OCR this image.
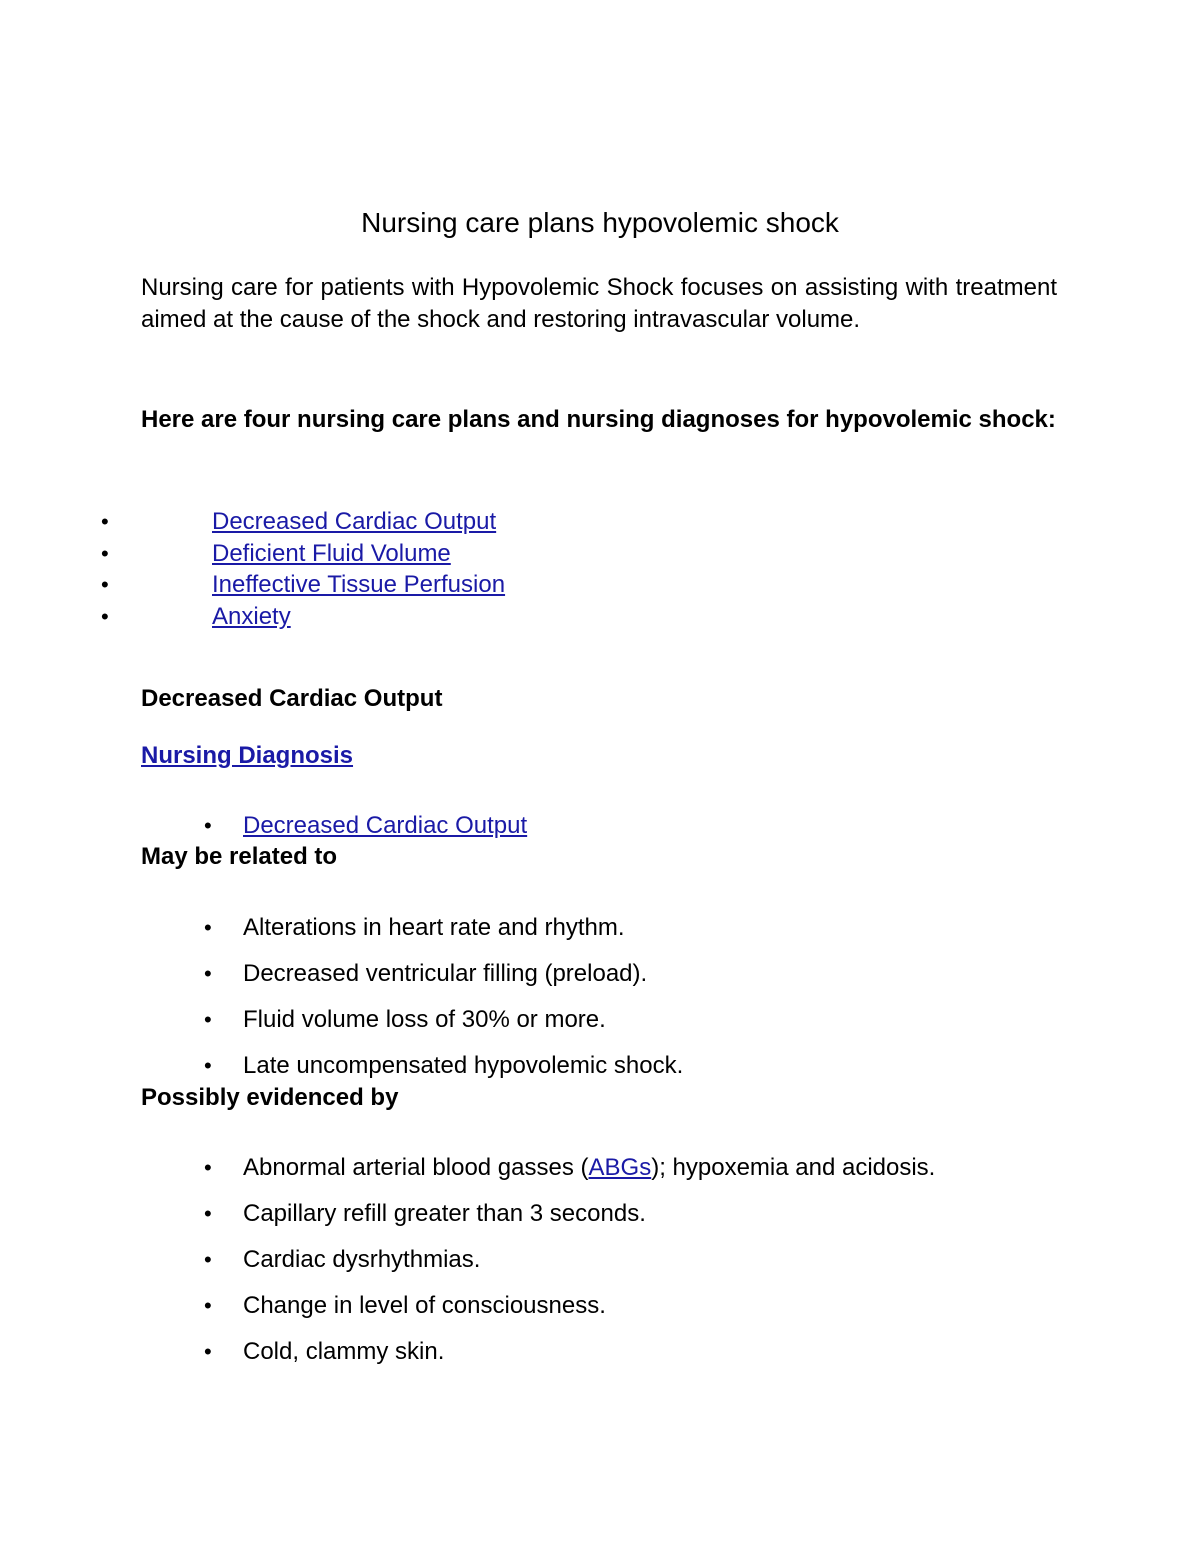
Nursing care plans hypovolemic shock

Nursing care for patients with Hypovolemic Shock focuses on assisting with treatment aimed at the cause of the shock and restoring intravascular volume.

Here are four nursing care plans and nursing diagnoses for hypovolemic shock:

•	Decreased Cardiac Output
•	Deficient Fluid Volume
•	Ineffective Tissue Perfusion
•	Anxiety
Decreased Cardiac Output
Nursing Diagnosis
• Decreased Cardiac Output
May be related to
• Alterations in heart rate and rhythm.
• Decreased ventricular filling (preload).
• Fluid volume loss of 30% or more.
• Late uncompensated hypovolemic shock.
Possibly evidenced by
• Abnormal arterial blood gasses (ABGs); hypoxemia and acidosis.
• Capillary refill greater than 3 seconds.
• Cardiac dysrhythmias.
• Change in level of consciousness.
• Cold, clammy skin.
